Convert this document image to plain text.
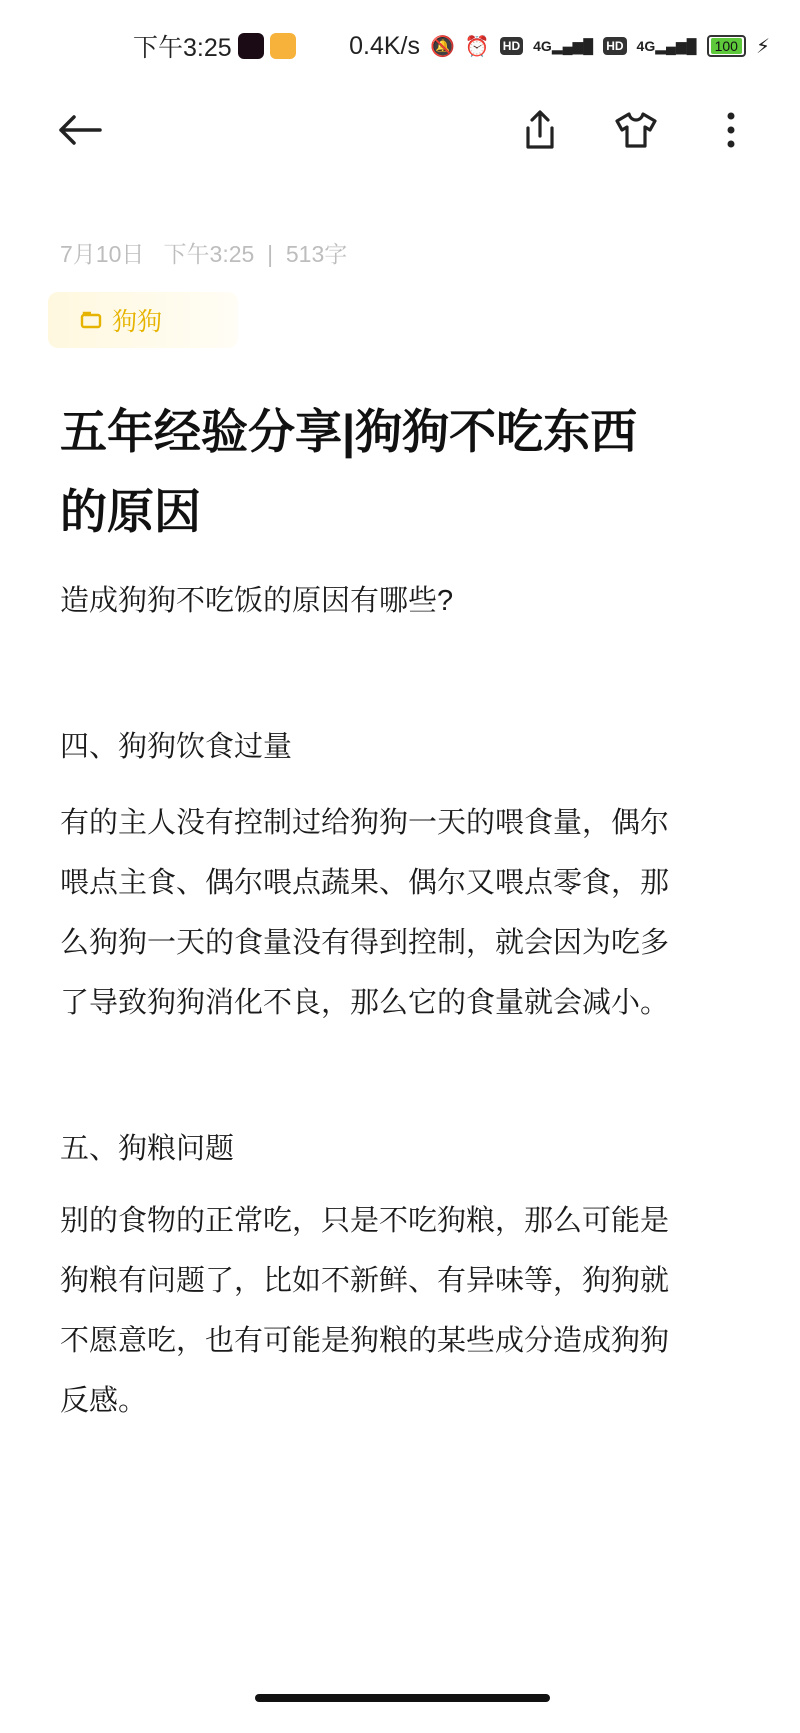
下午3:25	0.4K/s 🔕 ⏰ HD 4G ▂▄▆█ HD 4G ▂▄▆█ 100 ⚡
7月10日 下午3:25 | 513字
狗狗
五年经验分享|狗狗不吃东西
的原因
造成狗狗不吃饭的原因有哪些?
四、狗狗饮食过量
有的主人没有控制过给狗狗一天的喂食量，偶尔
喂点主食、偶尔喂点蔬果、偶尔又喂点零食，那
么狗狗一天的食量没有得到控制，就会因为吃多
了导致狗狗消化不良，那么它的食量就会减小。
五、狗粮问题
别的食物的正常吃，只是不吃狗粮，那么可能是
狗粮有问题了，比如不新鲜、有异味等，狗狗就
不愿意吃，也有可能是狗粮的某些成分造成狗狗
反感。
